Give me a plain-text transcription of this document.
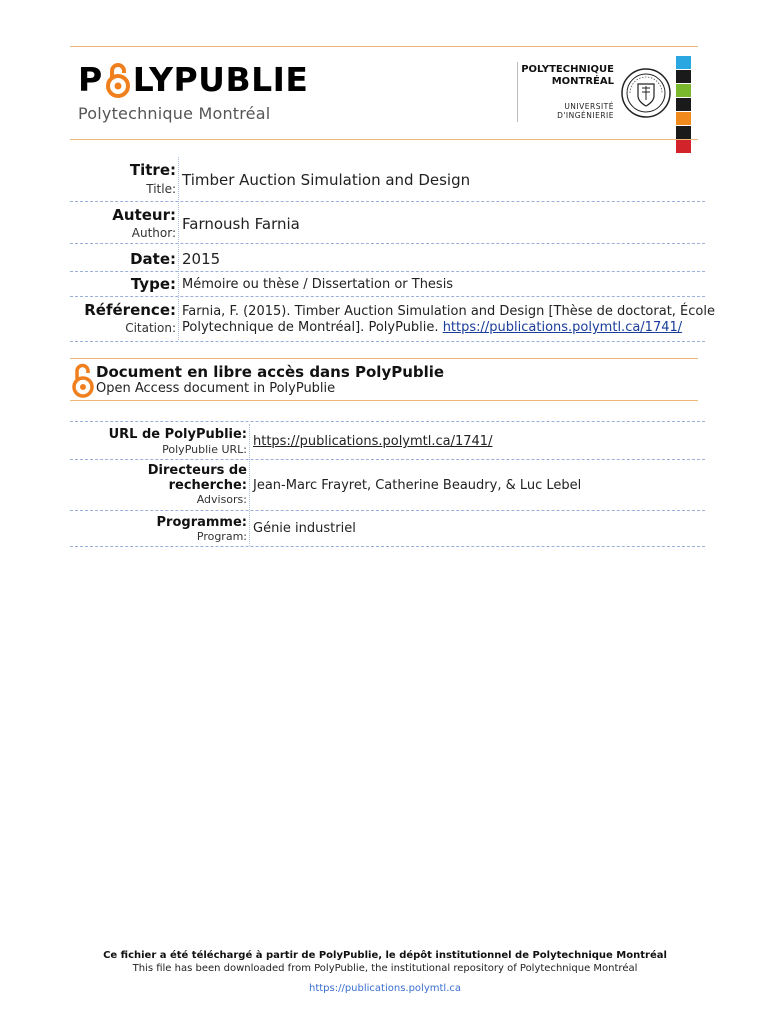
P LYPUBLIE
Polytechnique Montréal
POLYTECHNIQUE
MONTRÉAL
UNIVERSITÉ
D'INGÉNIERIE
Titre:
Title: Timber Auction Simulation and Design
Auteur:
Author: Farnoush Farnia
Date: 2015
Type: Mémoire ou thèse / Dissertation or Thesis
Référence:
Citation:
Farnia, F. (2015). Timber Auction Simulation and Design [Thèse de doctorat, École
Polytechnique de Montréal]. PolyPublie. https://publications.polymtl.ca/1741/
Document en libre accès dans PolyPublie
Open Access document in PolyPublie
URL de PolyPublie:
PolyPublie URL:
https://publications.polymtl.ca/1741/
Directeurs de
recherche:
Advisors:
Jean-Marc Frayret, Catherine Beaudry, & Luc Lebel
Programme:
Program:
Génie industriel
Ce fichier a été téléchargé à partir de PolyPublie, le dépôt institutionnel de Polytechnique Montréal
This file has been downloaded from PolyPublie, the institutional repository of Polytechnique Montréal
https://publications.polymtl.ca
